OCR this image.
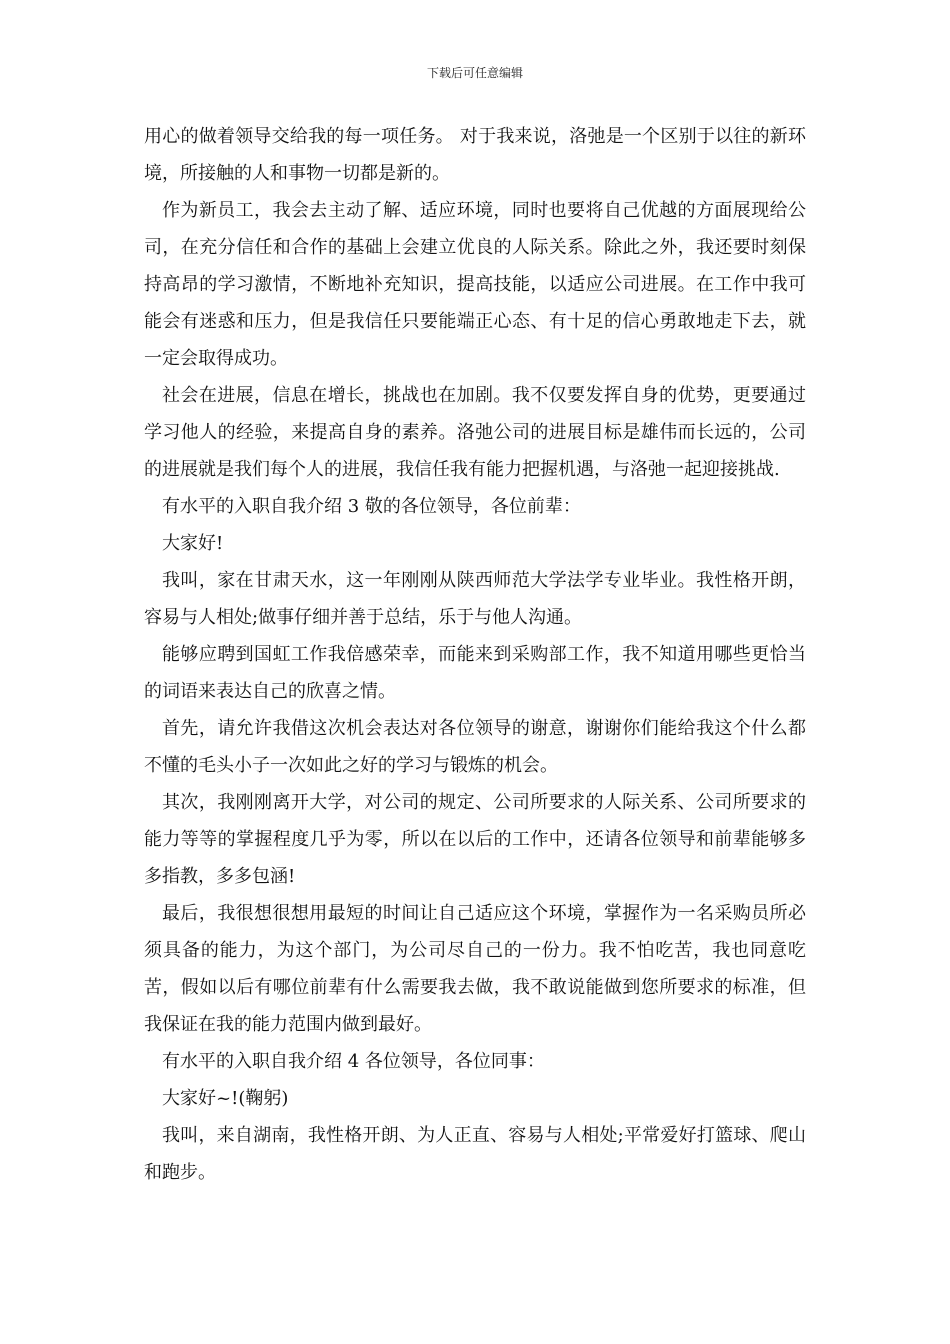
下载后可任意编辑

用心的做着领导交给我的每一项任务。 对于我来说，洛弛是一个区别于以往的新环境，所接触的人和事物一切都是新的。

作为新员工，我会去主动了解、适应环境，同时也要将自己优越的方面展现给公司，在充分信任和合作的基础上会建立优良的人际关系。除此之外，我还要时刻保持高昂的学习激情，不断地补充知识，提高技能，以适应公司进展。在工作中我可能会有迷惑和压力，但是我信任只要能端正心态、有十足的信心勇敢地走下去，就一定会取得成功。

社会在进展，信息在增长，挑战也在加剧。我不仅要发挥自身的优势，更要通过学习他人的经验，来提高自身的素养。洛弛公司的进展目标是雄伟而长远的，公司的进展就是我们每个人的进展，我信任我有能力把握机遇，与洛弛一起迎接挑战.

有水平的入职自我介绍 3 敬的各位领导，各位前辈：

大家好!

我叫，家在甘肃天水，这一年刚刚从陕西师范大学法学专业毕业。我性格开朗，容易与人相处;做事仔细并善于总结，乐于与他人沟通。

能够应聘到国虹工作我倍感荣幸，而能来到采购部工作，我不知道用哪些更恰当的词语来表达自己的欣喜之情。

首先，请允许我借这次机会表达对各位领导的谢意，谢谢你们能给我这个什么都不懂的毛头小子一次如此之好的学习与锻炼的机会。

其次，我刚刚离开大学，对公司的规定、公司所要求的人际关系、公司所要求的能力等等的掌握程度几乎为零，所以在以后的工作中，还请各位领导和前辈能够多多指教，多多包涵!

最后，我很想很想用最短的时间让自己适应这个环境，掌握作为一名采购员所必须具备的能力，为这个部门，为公司尽自己的一份力。我不怕吃苦，我也同意吃苦，假如以后有哪位前辈有什么需要我去做，我不敢说能做到您所要求的标准，但我保证在我的能力范围内做到最好。

有水平的入职自我介绍 4 各位领导，各位同事：

大家好~!(鞠躬)

我叫，来自湖南，我性格开朗、为人正直、容易与人相处;平常爱好打篮球、爬山和跑步。
